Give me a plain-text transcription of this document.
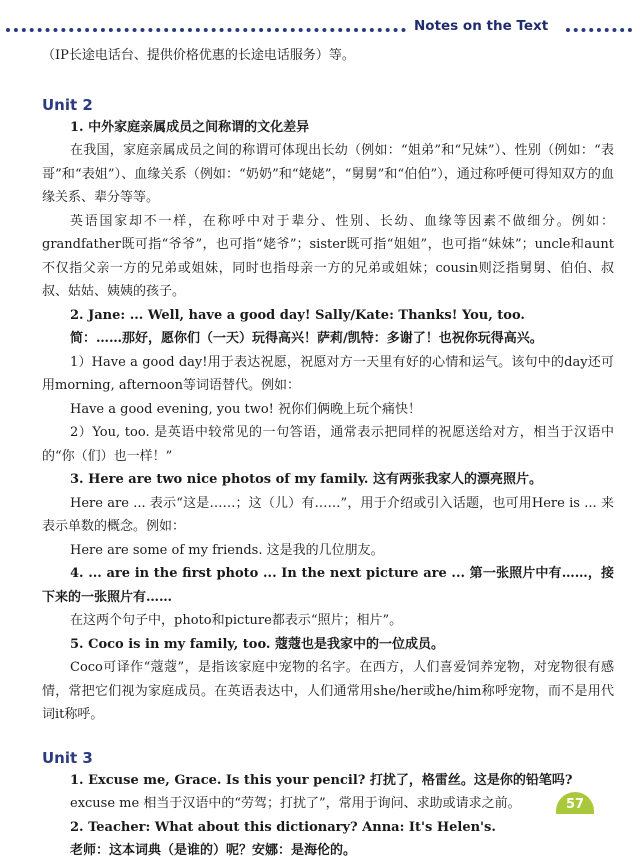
Notes on the Text

（IP长途电话台、提供价格优惠的长途电话服务）等。

Unit 2

1. 中外家庭亲属成员之间称谓的文化差异

在我国，家庭亲属成员之间的称谓可体现出长幼（例如：“姐弟”和“兄妹”）、性别（例如：“表哥”和“表姐”）、血缘关系（例如：“奶奶”和“姥姥”，“舅舅”和“伯伯”），通过称呼便可得知双方的血缘关系、辈分等等。

英语国家却不一样，在称呼中对于辈分、性别、长幼、血缘等因素不做细分。例如：grandfather既可指“爷爷”，也可指“姥爷”；sister既可指“姐姐”，也可指“妹妹”；uncle和aunt不仅指父亲一方的兄弟或姐妹，同时也指母亲一方的兄弟或姐妹；cousin则泛指舅舅、伯伯、叔叔、姑姑、姨姨的孩子。

2. Jane: ... Well, have a good day! Sally/Kate: Thanks! You, too.

简：……那好，愿你们（一天）玩得高兴！萨莉/凯特：多谢了！也祝你玩得高兴。

1）Have a good day!用于表达祝愿，祝愿对方一天里有好的心情和运气。该句中的day还可用morning, afternoon等词语替代。例如：

Have a good evening, you two! 祝你们俩晚上玩个痛快！

2）You, too. 是英语中较常见的一句答语，通常表示把同样的祝愿送给对方，相当于汉语中的“你（们）也一样！”

3. Here are two nice photos of my family. 这有两张我家人的漂亮照片。

Here are ... 表示“这是……；这（儿）有……”，用于介绍或引入话题，也可用Here is ... 来表示单数的概念。例如：

Here are some of my friends. 这是我的几位朋友。

4. ... are in the first photo ... In the next picture are ... 第一张照片中有……，接下来的一张照片有……

在这两个句子中，photo和picture都表示“照片；相片”。

5. Coco is in my family, too. 蔻蔻也是我家中的一位成员。

Coco可译作“蔻蔻”，是指该家庭中宠物的名字。在西方，人们喜爱饲养宠物，对宠物很有感情，常把它们视为家庭成员。在英语表达中，人们通常用she/her或he/him称呼宠物，而不是用代词it称呼。

Unit 3

1. Excuse me, Grace. Is this your pencil? 打扰了，格雷丝。这是你的铅笔吗?

excuse me 相当于汉语中的“劳驾；打扰了”，常用于询问、求助或请求之前。

2. Teacher: What about this dictionary? Anna: It's Helen's.

老师：这本词典（是谁的）呢？安娜：是海伦的。

57
